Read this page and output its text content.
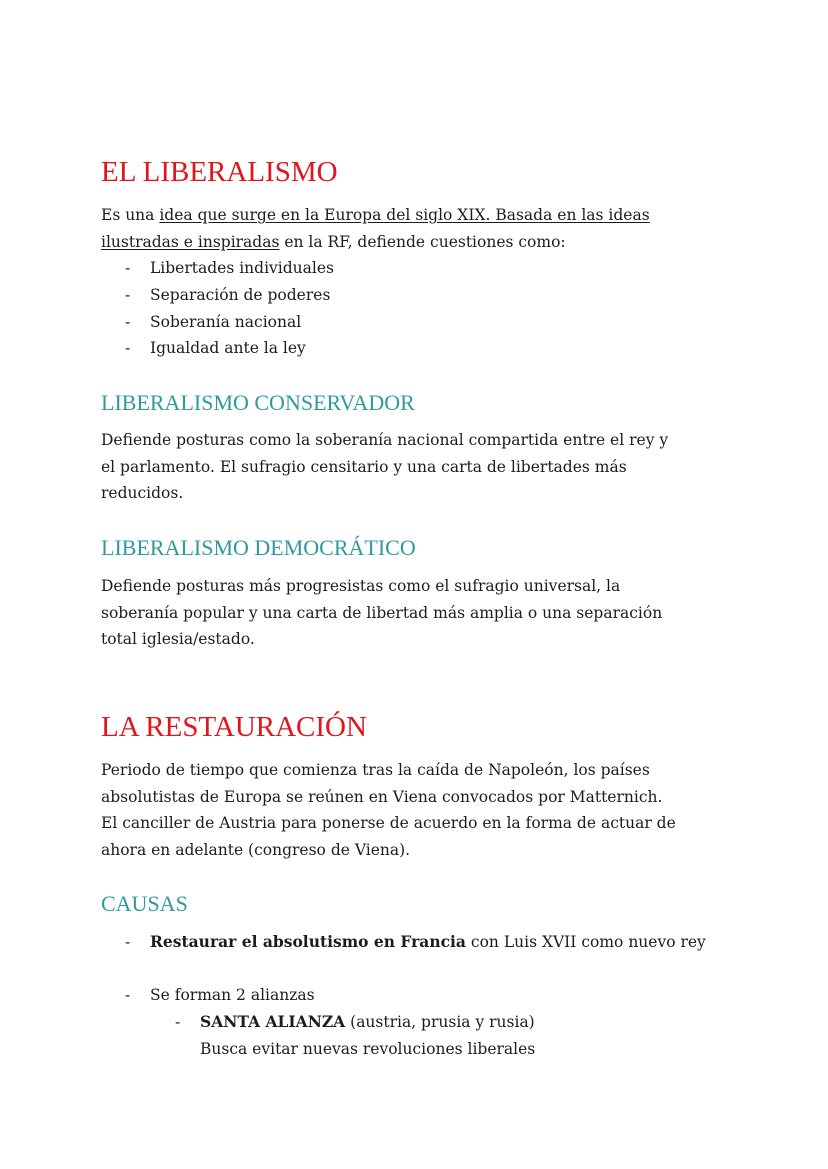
EL LIBERALISMO
Es una idea que surge en la Europa del siglo XIX. Basada en las ideas
ilustradas e inspiradas en la RF, defiende cuestiones como:
- Libertades individuales
- Separación de poderes
- Soberanía nacional
- Igualdad ante la ley
LIBERALISMO CONSERVADOR
Defiende posturas como la soberanía nacional compartida entre el rey y
el parlamento. El sufragio censitario y una carta de libertades más
reducidos.
LIBERALISMO DEMOCRÁTICO
Defiende posturas más progresistas como el sufragio universal, la
soberanía popular y una carta de libertad más amplia o una separación
total iglesia/estado.
LA RESTAURACIÓN
Periodo de tiempo que comienza tras la caída de Napoleón, los países
absolutistas de Europa se reúnen en Viena convocados por Matternich.
El canciller de Austria para ponerse de acuerdo en la forma de actuar de
ahora en adelante (congreso de Viena).
CAUSAS
- Restaurar el absolutismo en Francia con Luis XVII como nuevo rey
- Se forman 2 alianzas
- SANTA ALIANZA (austria, prusia y rusia)
Busca evitar nuevas revoluciones liberales
